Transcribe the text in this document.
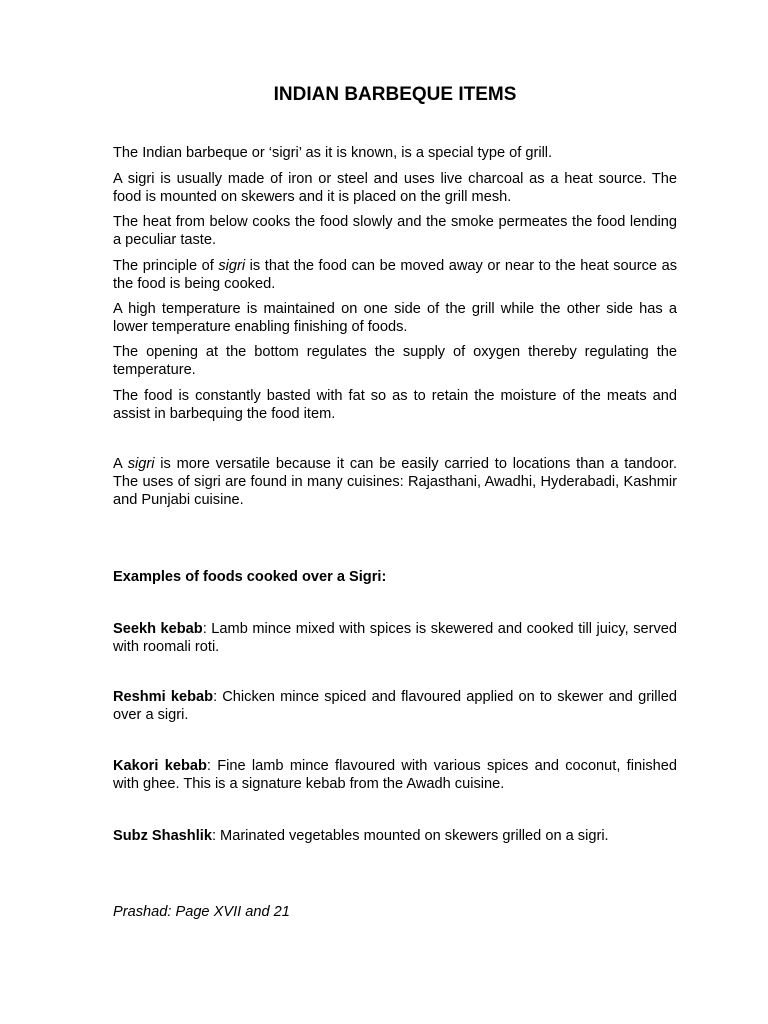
INDIAN BARBEQUE ITEMS

The Indian barbeque or ‘sigri’ as it is known, is a special type of grill.

A sigri is usually made of iron or steel and uses live charcoal as a heat source. The food is mounted on skewers and it is placed on the grill mesh.

The heat from below cooks the food slowly and the smoke permeates the food lending a peculiar taste.

The principle of sigri is that the food can be moved away or near to the heat source as the food is being cooked.

A high temperature is maintained on one side of the grill while the other side has a lower temperature enabling finishing of foods.

The opening at the bottom regulates the supply of oxygen thereby regulating the temperature.

The food is constantly basted with fat so as to retain the moisture of the meats and assist in barbequing the food item.

A sigri is more versatile because it can be easily carried to locations than a tandoor. The uses of sigri are found in many cuisines: Rajasthani, Awadhi, Hyderabadi, Kashmir and Punjabi cuisine.

Examples of foods cooked over a Sigri:

Seekh kebab: Lamb mince mixed with spices is skewered and cooked till juicy, served with roomali roti.

Reshmi kebab: Chicken mince spiced and flavoured applied on to skewer and grilled over a sigri.

Kakori kebab: Fine lamb mince flavoured with various spices and coconut, finished with ghee. This is a signature kebab from the Awadh cuisine.

Subz Shashlik: Marinated vegetables mounted on skewers grilled on a sigri.

Prashad: Page XVII and 21
